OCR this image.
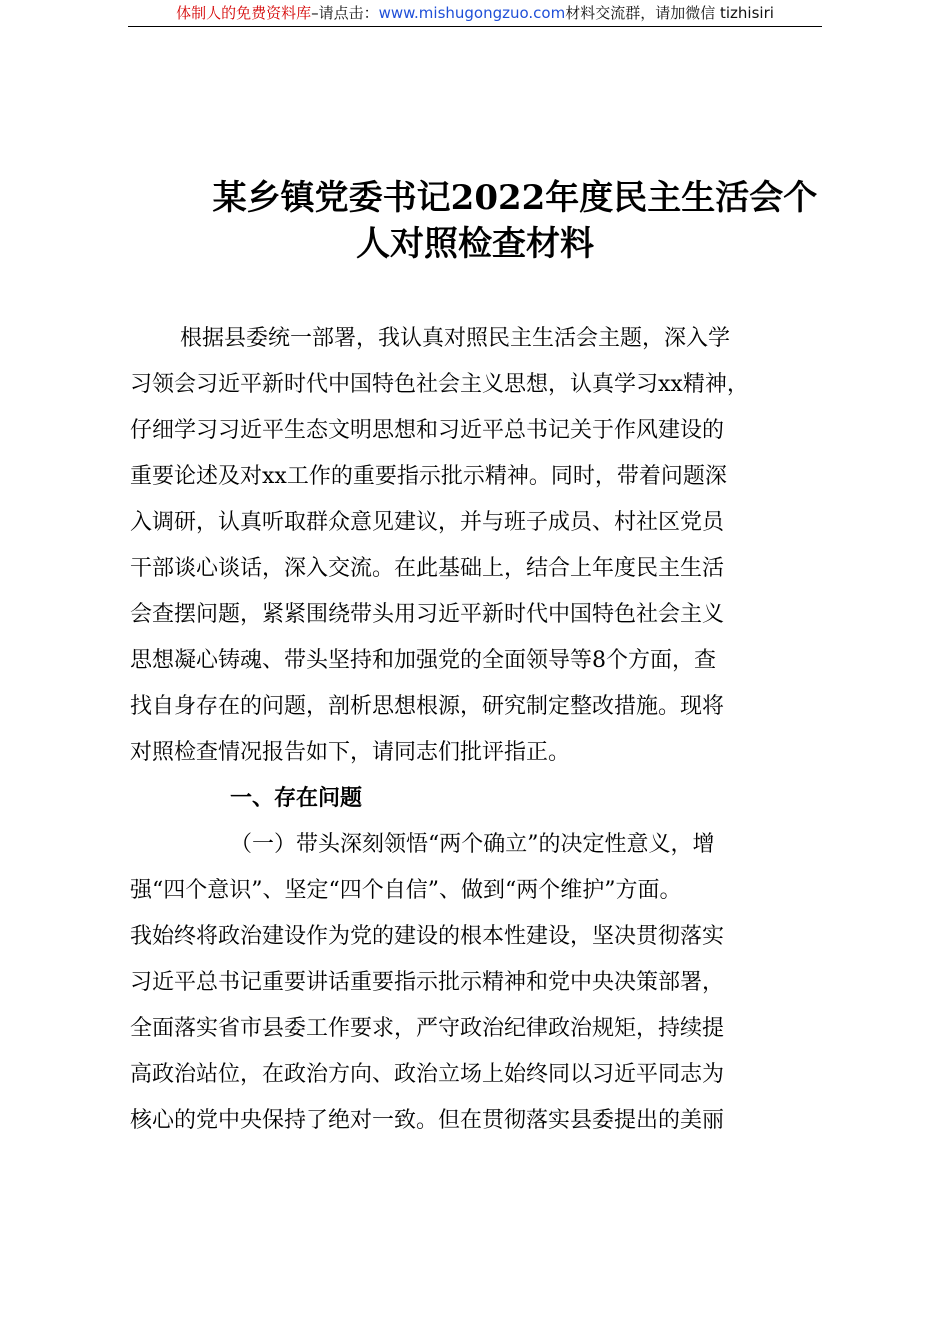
体制人的免费资料库–请点击：www.mishugongzuo.com材料交流群，请加微信 tizhisiri
某乡镇党委书记2022年度民主生活会个
人对照检查材料
根据县委统一部署，我认真对照民主生活会主题，深入学
习领会习近平新时代中国特色社会主义思想，认真学习xx精神，
仔细学习习近平生态文明思想和习近平总书记关于作风建设的
重要论述及对xx工作的重要指示批示精神。同时，带着问题深
入调研，认真听取群众意见建议，并与班子成员、村社区党员
干部谈心谈话，深入交流。在此基础上，结合上年度民主生活
会查摆问题，紧紧围绕带头用习近平新时代中国特色社会主义
思想凝心铸魂、带头坚持和加强党的全面领导等8个方面，查
找自身存在的问题，剖析思想根源，研究制定整改措施。现将
对照检查情况报告如下，请同志们批评指正。
一、存在问题
（一）带头深刻领悟“两个确立”的决定性意义，增
强“四个意识”、坚定“四个自信”、做到“两个维护”方面。
我始终将政治建设作为党的建设的根本性建设，坚决贯彻落实
习近平总书记重要讲话重要指示批示精神和党中央决策部署，
全面落实省市县委工作要求，严守政治纪律政治规矩，持续提
高政治站位，在政治方向、政治立场上始终同以习近平同志为
核心的党中央保持了绝对一致。但在贯彻落实县委提出的美丽
